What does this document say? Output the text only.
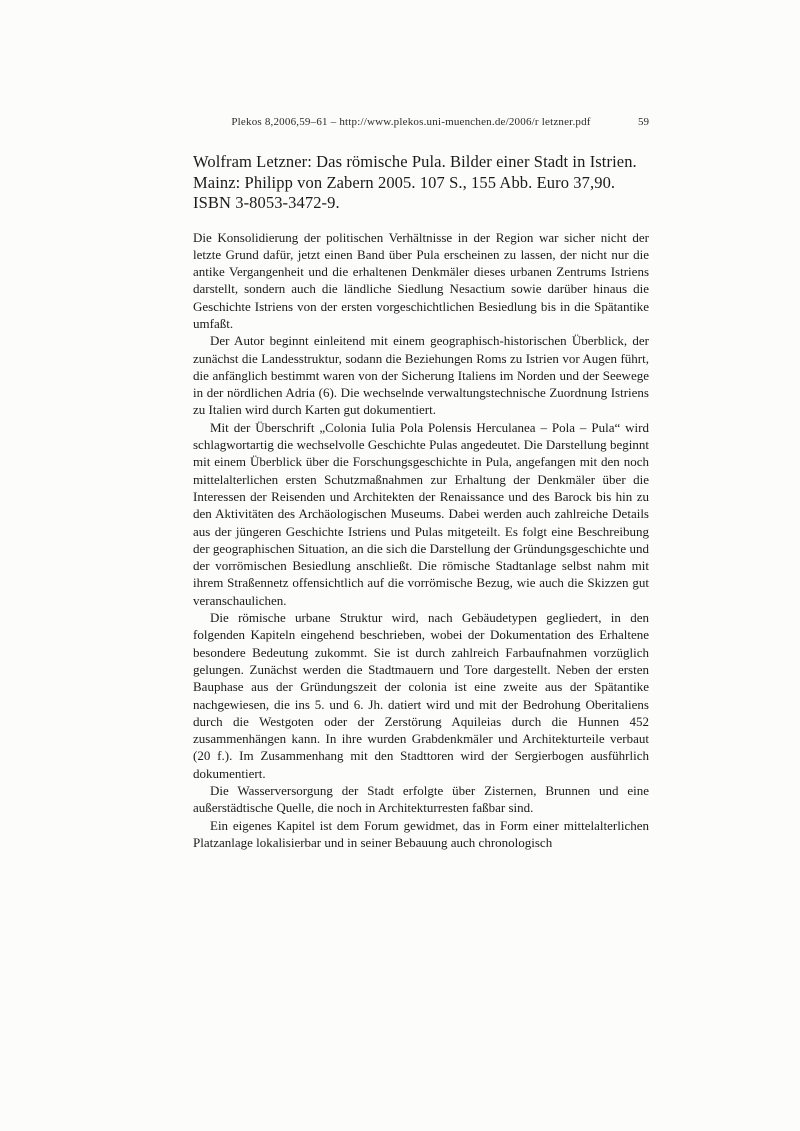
Plekos 8,2006,59–61 – http://www.plekos.uni-muenchen.de/2006/r letzner.pdf	59
Wolfram Letzner: Das römische Pula. Bilder einer Stadt in Istrien. Mainz: Philipp von Zabern 2005. 107 S., 155 Abb. Euro 37,90. ISBN 3-8053-3472-9.

Die Konsolidierung der politischen Verhältnisse in der Region war sicher nicht der letzte Grund dafür, jetzt einen Band über Pula erscheinen zu lassen, der nicht nur die antike Vergangenheit und die erhaltenen Denkmäler dieses urbanen Zentrums Istriens darstellt, sondern auch die ländliche Siedlung Nesactium sowie darüber hinaus die Geschichte Istriens von der ersten vorgeschichtlichen Besiedlung bis in die Spätantike umfaßt.

Der Autor beginnt einleitend mit einem geographisch-historischen Überblick, der zunächst die Landesstruktur, sodann die Beziehungen Roms zu Istrien vor Augen führt, die anfänglich bestimmt waren von der Sicherung Italiens im Norden und der Seewege in der nördlichen Adria (6). Die wechselnde verwaltungstechnische Zuordnung Istriens zu Italien wird durch Karten gut dokumentiert.

Mit der Überschrift „Colonia Iulia Pola Polensis Herculanea – Pola – Pula“ wird schlagwortartig die wechselvolle Geschichte Pulas angedeutet. Die Darstellung beginnt mit einem Überblick über die Forschungsgeschichte in Pula, angefangen mit den noch mittelalterlichen ersten Schutzmaßnahmen zur Erhaltung der Denkmäler über die Interessen der Reisenden und Architekten der Renaissance und des Barock bis hin zu den Aktivitäten des Archäologischen Museums. Dabei werden auch zahlreiche Details aus der jüngeren Geschichte Istriens und Pulas mitgeteilt. Es folgt eine Beschreibung der geographischen Situation, an die sich die Darstellung der Gründungsgeschichte und der vorrömischen Besiedlung anschließt. Die römische Stadtanlage selbst nahm mit ihrem Straßennetz offensichtlich auf die vorrömische Bezug, wie auch die Skizzen gut veranschaulichen.

Die römische urbane Struktur wird, nach Gebäudetypen gegliedert, in den folgenden Kapiteln eingehend beschrieben, wobei der Dokumentation des Erhaltene besondere Bedeutung zukommt. Sie ist durch zahlreich Farbaufnahmen vorzüglich gelungen. Zunächst werden die Stadtmauern und Tore dargestellt. Neben der ersten Bauphase aus der Gründungszeit der colonia ist eine zweite aus der Spätantike nachgewiesen, die ins 5. und 6. Jh. datiert wird und mit der Bedrohung Oberitaliens durch die Westgoten oder der Zerstörung Aquileias durch die Hunnen 452 zusammenhängen kann. In ihre wurden Grabdenkmäler und Architekturteile verbaut (20 f.). Im Zusammenhang mit den Stadttoren wird der Sergierbogen ausführlich dokumentiert.

Die Wasserversorgung der Stadt erfolgte über Zisternen, Brunnen und eine außerstädtische Quelle, die noch in Architekturresten faßbar sind.

Ein eigenes Kapitel ist dem Forum gewidmet, das in Form einer mittelalterlichen Platzanlage lokalisierbar und in seiner Bebauung auch chronologisch
